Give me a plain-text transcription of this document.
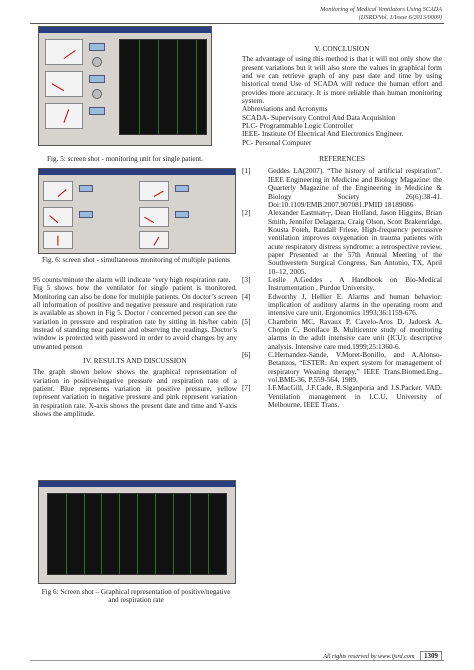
Monitoring of Medical Ventilators Using SCADA
(IJSRD/Vol. 1/Issue 6/2013/0009)
Fig. 5: screen shot - monitoring unit for single patient.
Fig. 6: screen shot - simultaneous monitoring of multiple patients
95 counts/minute the alarm will indicate ‘very high respiration rate.
Fig 5 shows how the ventilator for single patient is monitored. Monitoring can also be done for multiple patients. On doctor’s screen all information of positive and negative pressure and respiration rate is available as shown in Fig 5. Doctor / concerned person can see the variation in pressure and respiration rate by sitting in his/her cabin instead of standing near patient and observing the readings. Doctor’s window is protected with password in order to avoid changes by any unwanted person
IV. RESULTS AND DISCUSSION
The graph shown below shows the graphical representation of variation in positive/negative pressure and respiration rate of a patient. Blue represents variation in positive pressure, yellow represent variation in negative pressure and pink represent variation in respiration rate. X-axis shows the present date and time and Y-axis shows the amplitude.
Fig 6: Screen shot – Graphical representation of positive/negative and respiration rate
V. CONCLUSION
The advantage of using this method is that it will not only show the present variations but it will also store the values in graphical form and we can retrieve graph of any past date and time by using historical trend Use of SCADA will reduce the human effort and provides more accuracy. It is more reliable than human monitoring system.
Abbreviations and Acronyms
SCADA- Supervisory Control And Data Acquisition
PLC- Programmable Logic Controller
IEEE- Institute Of Electrical And Electronics Engineer.
PC- Personal Computer
REFERENCES
[1] Geddes LA(2007). “The history of artificial respiration”. IEEE Engineering in Medicine and Biology Magazine: the Quarterly Magazine of the Engineering in Medicine & Biology Society 26(6):38-41. Doi:10.1109/EMB.2007.907081.PMID 18189086
[2] Alexander Eastman┬, Dean Holland, Jason Higgins, Brian Smith, Jennifer Delagarza, Craig Olson, Scott Brakenridge, Kousta Foteh, Randall Friese, High-frequency percussive ventilation improves oxygenation in trauma patients with acute respiratory distress syndrome: a retrospective review, paper Presented at the 57th Annual Meeting of the Southwestern Surgical Congress, San Antonio, TX, April 10–12, 2005.
[3] Leslie A.Geddes , A Handbook on Bio-Medical Instrumentation , Purdue University.
[4] Edworthy J, Hellier E. Alarms and human behavior: implication of auditory alarms in the operating room and intensive care unit. Ergonomics 1993;36:1159-676.
[5] Chambrin MC, Ravaux P, Cavelo-Aros D, Jadorsk A, Chopin C, Boniface B. Multicentre study of monitoring alarms in the adult intensive care unit (ICU): descriptive analysis. Intensive care med.1999;25:1360-6.
[6] C.Hernandez-Sande, V.Moret-Bonillo, and A.Alonso-Betanzos, “ESTER: An expert system for management of respiratory Weaning therapy,” IEEE Trans.Biomed.Eng., vol.BME-36, P.559-564, 1989.
[7] I.F.MacGill, J.F.Cade, R.Siganporia and J.S.Packer. VAD: Ventilation management in I.C.U, University of Melbourne, IEEE Trans.
All rights reserved by www.ijsrd.com 1309
